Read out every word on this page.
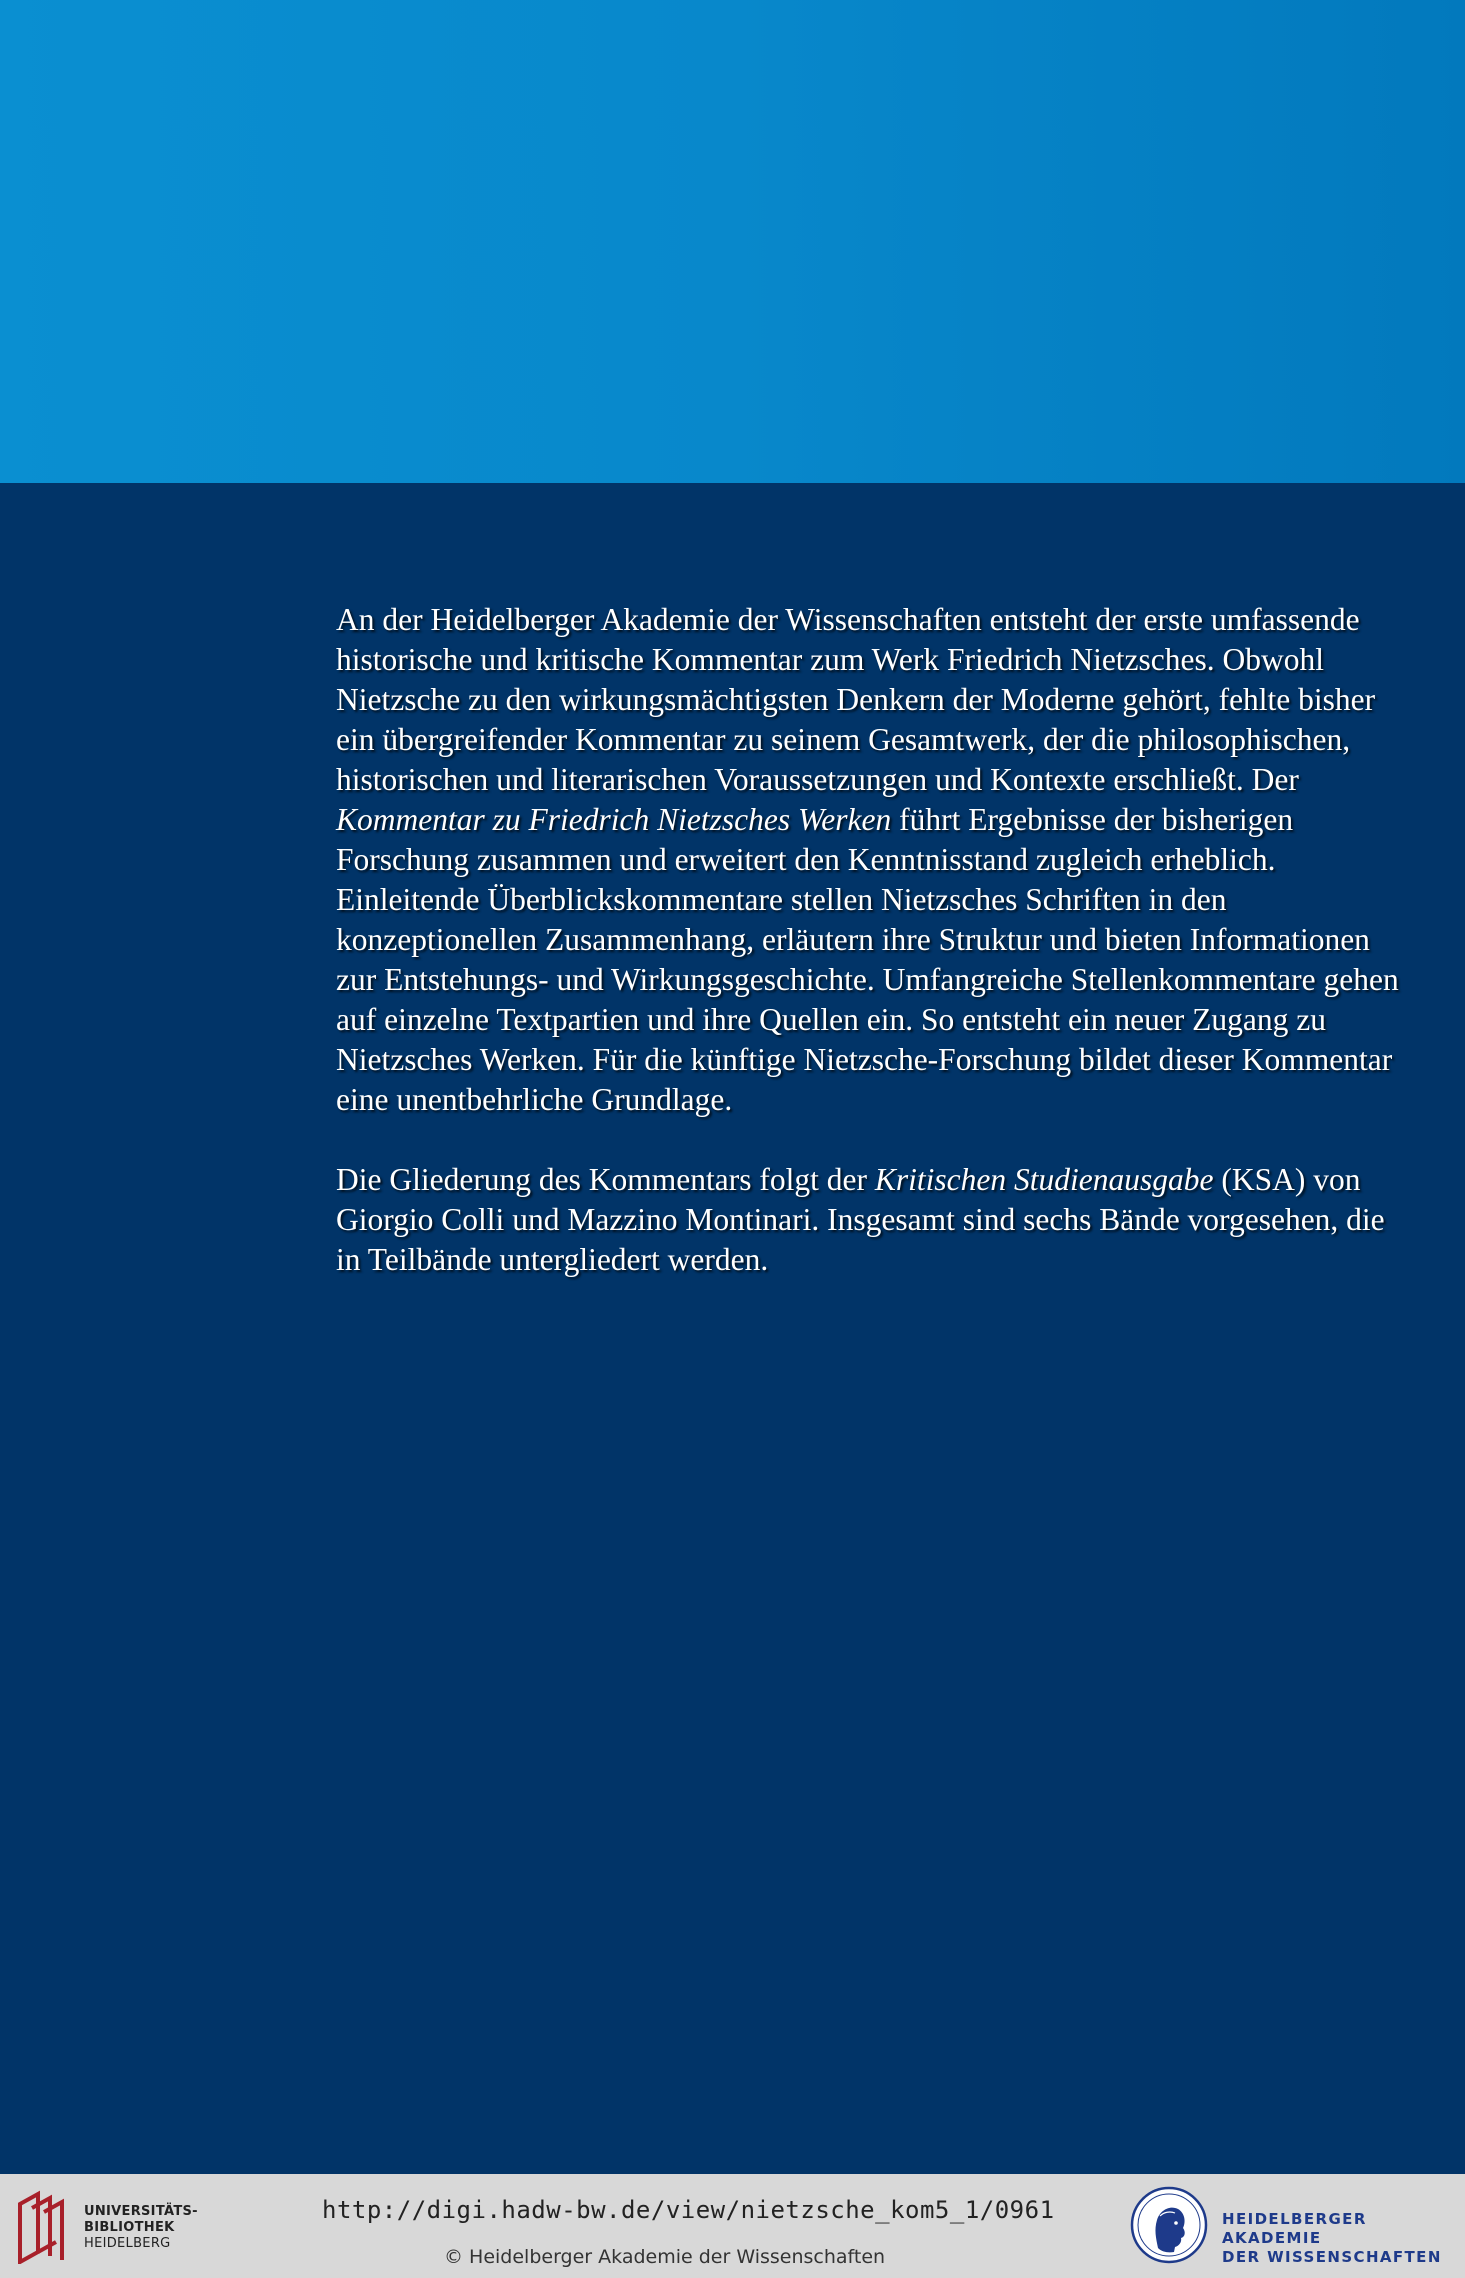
An der Heidelberger Akademie der Wissenschaften entsteht der erste umfassende historische und kritische Kommentar zum Werk Friedrich Nietzsches. Obwohl Nietzsche zu den wirkungsmächtigsten Denkern der Moderne gehört, fehlte bisher ein übergreifender Kommentar zu seinem Gesamtwerk, der die philosophischen, historischen und literarischen Voraussetzungen und Kontexte erschließt. Der Kommentar zu Friedrich Nietzsches Werken führt Ergebnisse der bisherigen Forschung zusammen und erweitert den Kenntnisstand zugleich erheblich. Einleitende Überblickskommentare stellen Nietzsches Schriften in den konzeptionellen Zusammenhang, erläutern ihre Struktur und bieten Informationen zur Entstehungs- und Wirkungsgeschichte. Umfangreiche Stellenkommentare gehen auf einzelne Textpartien und ihre Quellen ein. So entsteht ein neuer Zugang zu Nietzsches Werken. Für die künftige Nietzsche-Forschung bildet dieser Kommentar eine unentbehrliche Grundlage.

Die Gliederung des Kommentars folgt der Kritischen Studienausgabe (KSA) von Giorgio Colli und Mazzino Montinari. Insgesamt sind sechs Bände vorgesehen, die in Teilbände untergliedert werden.

UNIVERSITÄTS-
BIBLIOTHEK
HEIDELBERG
http://digi.hadw-bw.de/view/nietzsche_kom5_1/0961
© Heidelberger Akademie der Wissenschaften
HEIDELBERGER AKADEMIE
DER WISSENSCHAFTEN
